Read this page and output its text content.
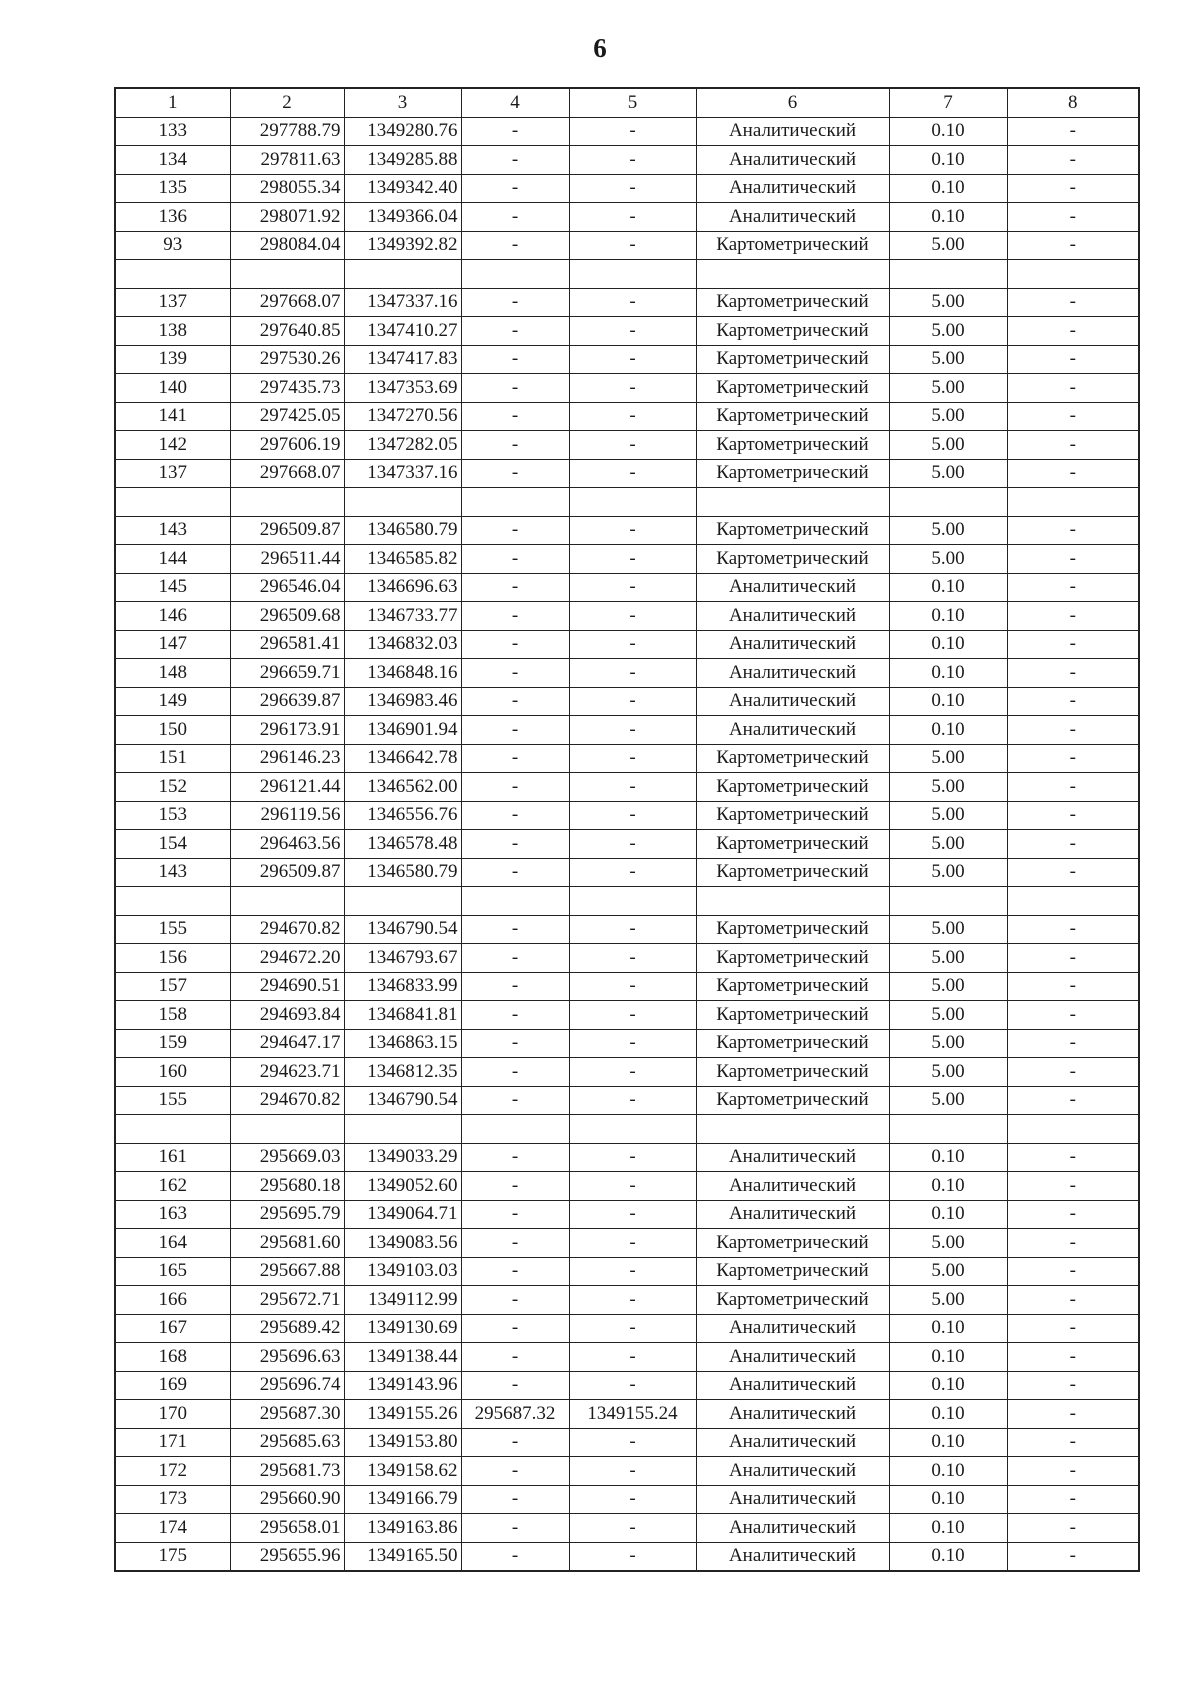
6
1	2	3	4	5	6	7	8
133	297788.79	1349280.76	-	-	Аналитический	0.10	-
134	297811.63	1349285.88	-	-	Аналитический	0.10	-
135	298055.34	1349342.40	-	-	Аналитический	0.10	-
136	298071.92	1349366.04	-	-	Аналитический	0.10	-
93	298084.04	1349392.82	-	-	Картометрический	5.00	-

137	297668.07	1347337.16	-	-	Картометрический	5.00	-
138	297640.85	1347410.27	-	-	Картометрический	5.00	-
139	297530.26	1347417.83	-	-	Картометрический	5.00	-
140	297435.73	1347353.69	-	-	Картометрический	5.00	-
141	297425.05	1347270.56	-	-	Картометрический	5.00	-
142	297606.19	1347282.05	-	-	Картометрический	5.00	-
137	297668.07	1347337.16	-	-	Картометрический	5.00	-

143	296509.87	1346580.79	-	-	Картометрический	5.00	-
144	296511.44	1346585.82	-	-	Картометрический	5.00	-
145	296546.04	1346696.63	-	-	Аналитический	0.10	-
146	296509.68	1346733.77	-	-	Аналитический	0.10	-
147	296581.41	1346832.03	-	-	Аналитический	0.10	-
148	296659.71	1346848.16	-	-	Аналитический	0.10	-
149	296639.87	1346983.46	-	-	Аналитический	0.10	-
150	296173.91	1346901.94	-	-	Аналитический	0.10	-
151	296146.23	1346642.78	-	-	Картометрический	5.00	-
152	296121.44	1346562.00	-	-	Картометрический	5.00	-
153	296119.56	1346556.76	-	-	Картометрический	5.00	-
154	296463.56	1346578.48	-	-	Картометрический	5.00	-
143	296509.87	1346580.79	-	-	Картометрический	5.00	-

155	294670.82	1346790.54	-	-	Картометрический	5.00	-
156	294672.20	1346793.67	-	-	Картометрический	5.00	-
157	294690.51	1346833.99	-	-	Картометрический	5.00	-
158	294693.84	1346841.81	-	-	Картометрический	5.00	-
159	294647.17	1346863.15	-	-	Картометрический	5.00	-
160	294623.71	1346812.35	-	-	Картометрический	5.00	-
155	294670.82	1346790.54	-	-	Картометрический	5.00	-

161	295669.03	1349033.29	-	-	Аналитический	0.10	-
162	295680.18	1349052.60	-	-	Аналитический	0.10	-
163	295695.79	1349064.71	-	-	Аналитический	0.10	-
164	295681.60	1349083.56	-	-	Картометрический	5.00	-
165	295667.88	1349103.03	-	-	Картометрический	5.00	-
166	295672.71	1349112.99	-	-	Картометрический	5.00	-
167	295689.42	1349130.69	-	-	Аналитический	0.10	-
168	295696.63	1349138.44	-	-	Аналитический	0.10	-
169	295696.74	1349143.96	-	-	Аналитический	0.10	-
170	295687.30	1349155.26	295687.32	1349155.24	Аналитический	0.10	-
171	295685.63	1349153.80	-	-	Аналитический	0.10	-
172	295681.73	1349158.62	-	-	Аналитический	0.10	-
173	295660.90	1349166.79	-	-	Аналитический	0.10	-
174	295658.01	1349163.86	-	-	Аналитический	0.10	-
175	295655.96	1349165.50	-	-	Аналитический	0.10	-
